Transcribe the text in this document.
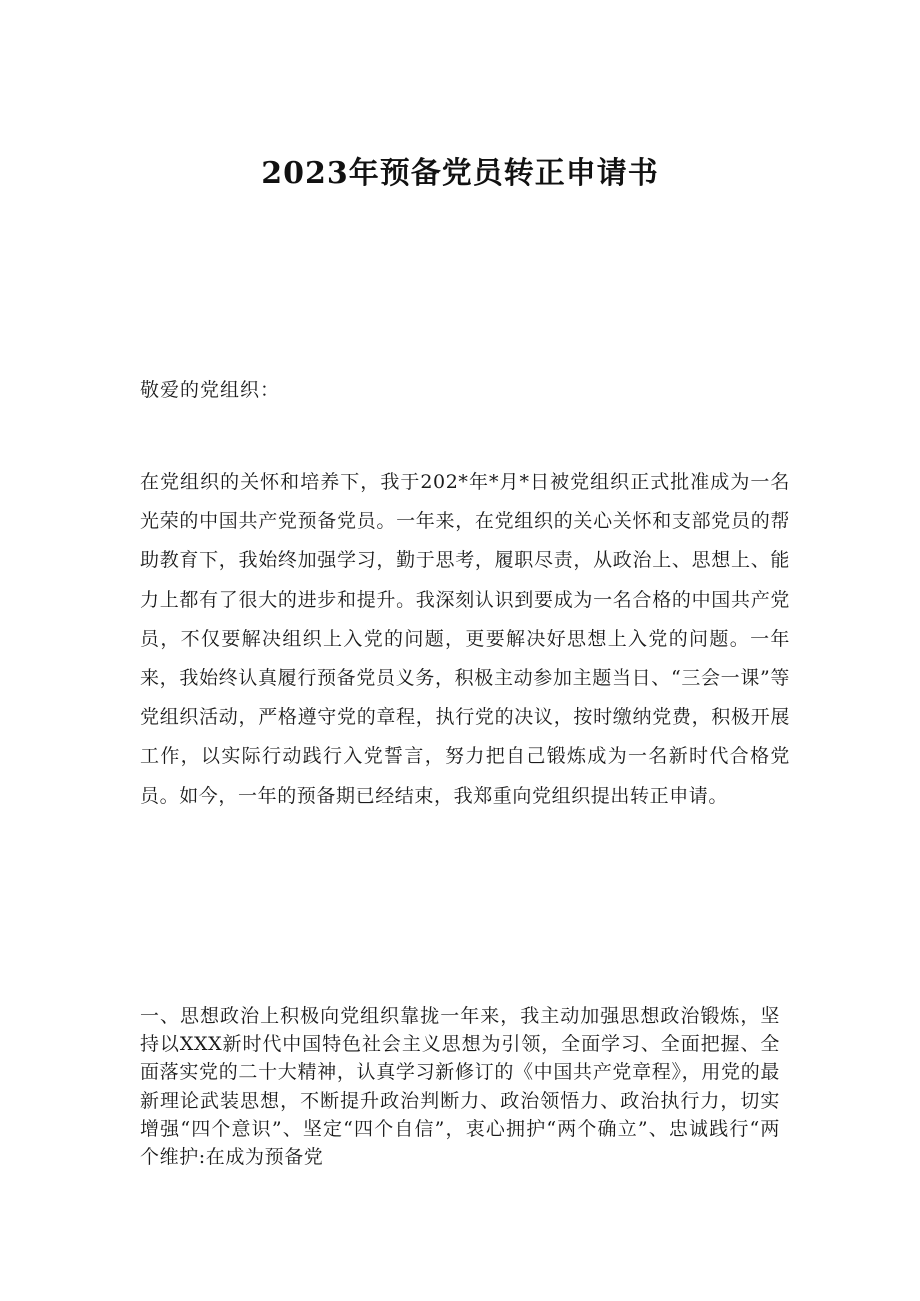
2023年预备党员转正申请书

敬爱的党组织：

在党组织的关怀和培养下，我于202*年*月*日被党组织正式批准成为一名光荣的中国共产党预备党员。一年来，在党组织的关心关怀和支部党员的帮助教育下，我始终加强学习，勤于思考，履职尽责，从政治上、思想上、能力上都有了很大的进步和提升。我深刻认识到要成为一名合格的中国共产党员，不仅要解决组织上入党的问题，更要解决好思想上入党的问题。一年来，我始终认真履行预备党员义务，积极主动参加主题当日、“三会一课”等党组织活动，严格遵守党的章程，执行党的决议，按时缴纳党费，积极开展工作，以实际行动践行入党誓言，努力把自己锻炼成为一名新时代合格党员。如今，一年的预备期已经结束，我郑重向党组织提出转正申请。

一、思想政治上积极向党组织靠拢一年来，我主动加强思想政治锻炼，坚持以XXX新时代中国特色社会主义思想为引领，全面学习、全面把握、全面落实党的二十大精神，认真学习新修订的《中国共产党章程》，用党的最新理论武装思想，不断提升政治判断力、政治领悟力、政治执行力，切实增强“四个意识”、坚定“四个自信”，衷心拥护“两个确立”、忠诚践行“两个维护:在成为预备党
